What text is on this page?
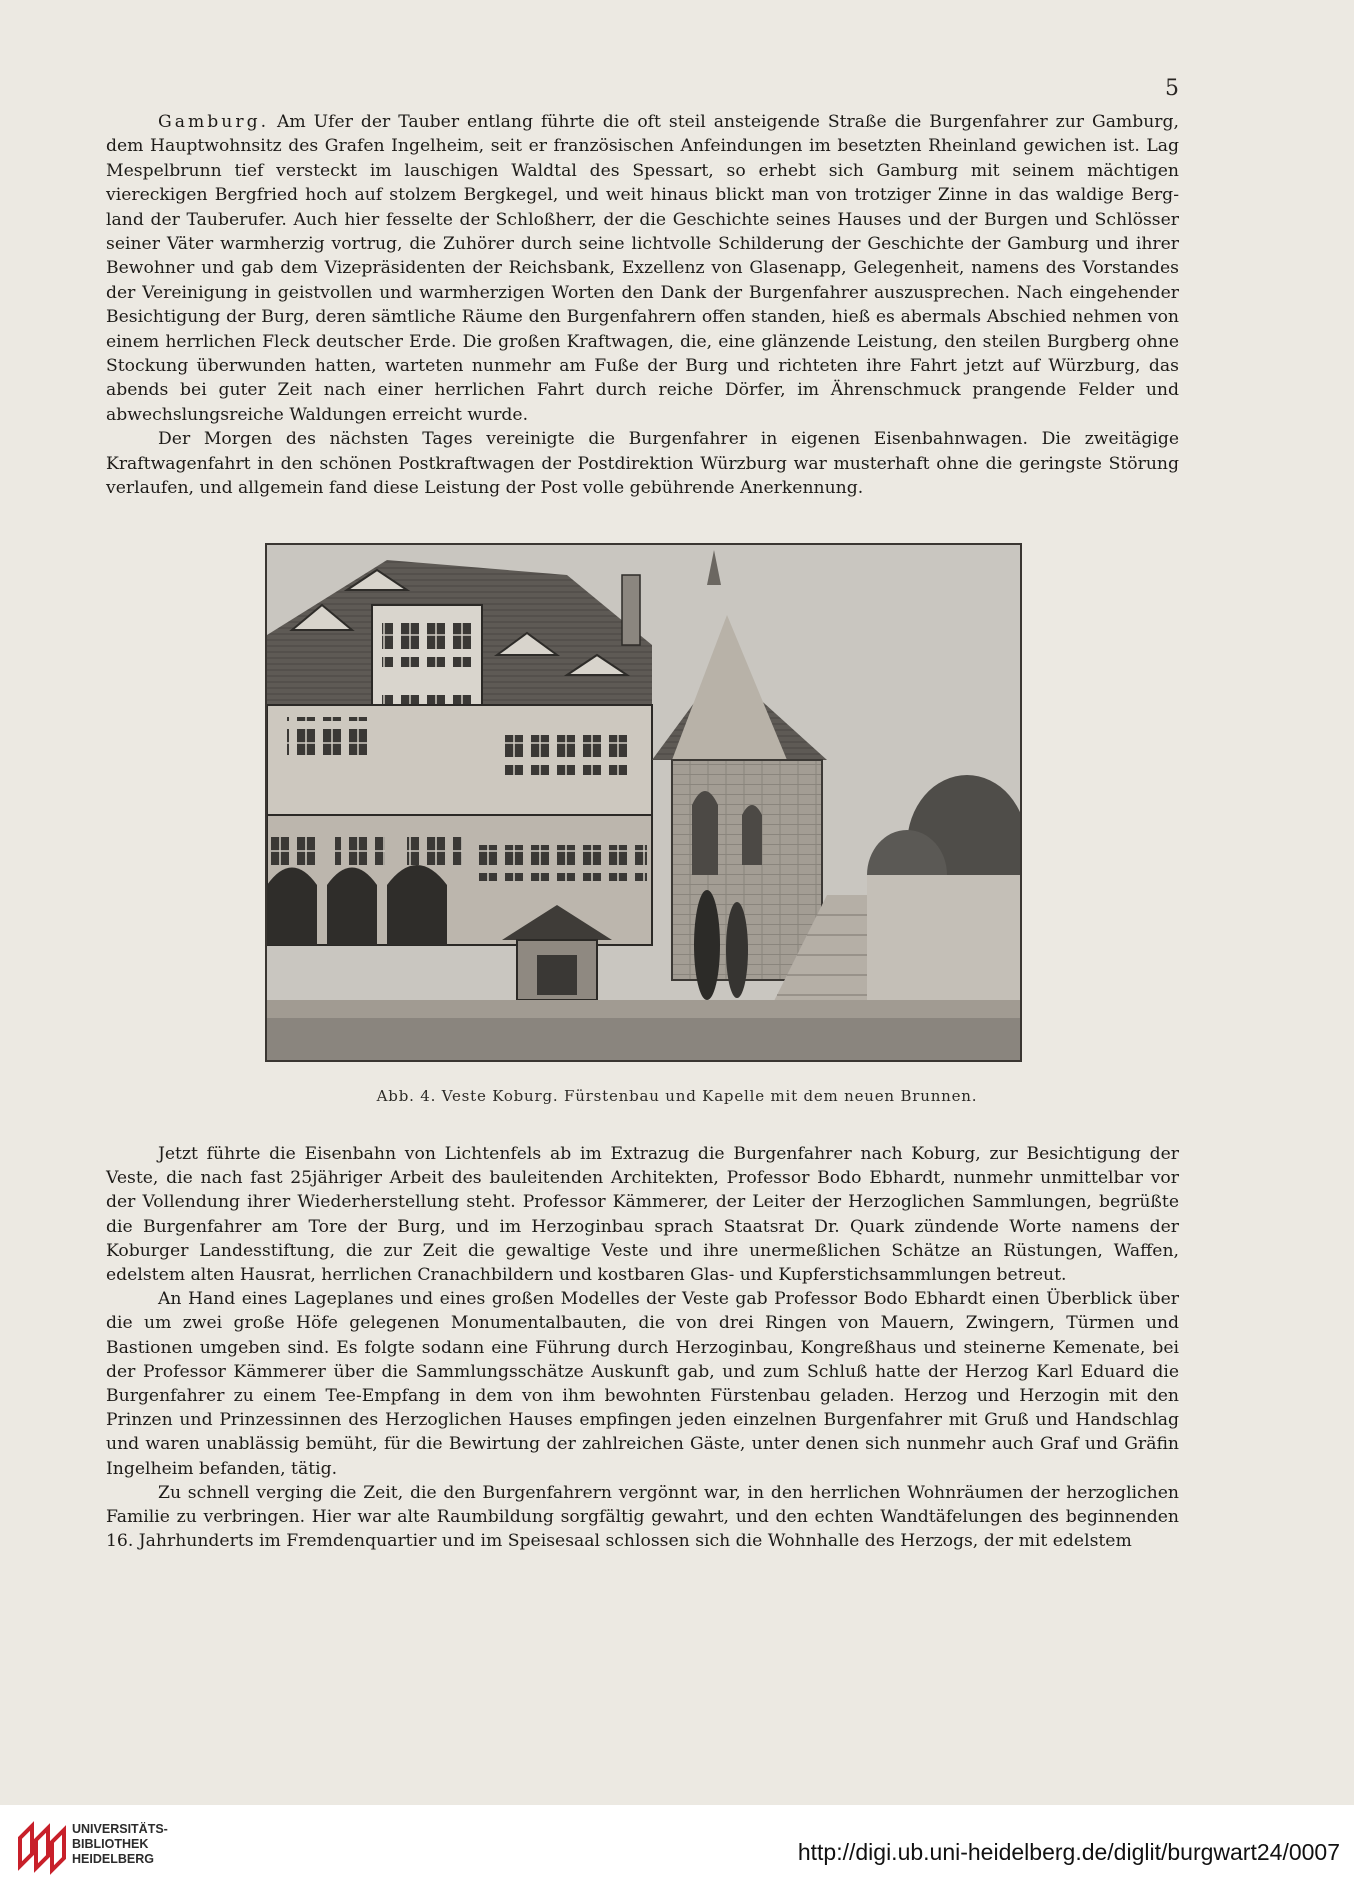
5

Gamburg. Am Ufer der Tauber entlang führte die oft steil ansteigende Straße die Burgenfahrer zur Gamburg, dem Hauptwohnsitz des Grafen Ingelheim, seit er französischen Anfeindungen im besetzten Rheinland gewichen ist. Lag Mespelbrunn tief versteckt im lauschigen Waldtal des Spessart, so erhebt sich Gamburg mit seinem mächtigen viereckigen Bergfried hoch auf stolzem Bergkegel, und weit hinaus blickt man von trotziger Zinne in das waldige Bergland der Tauberufer. Auch hier fesselte der Schloßherr, der die Geschichte seines Hauses und der Burgen und Schlösser seiner Väter warmherzig vortrug, die Zuhörer durch seine lichtvolle Schilderung der Geschichte der Gamburg und ihrer Bewohner und gab dem Vizepräsidenten der Reichsbank, Exzellenz von Glasenapp, Gelegenheit, namens des Vorstandes der Vereinigung in geistvollen und warmherzigen Worten den Dank der Burgenfahrer auszusprechen. Nach eingehender Besichtigung der Burg, deren sämtliche Räume den Burgenfahrern offen standen, hieß es abermals Abschied nehmen von einem herrlichen Fleck deutscher Erde. Die großen Kraftwagen, die, eine glänzende Leistung, den steilen Burgberg ohne Stockung überwunden hatten, warteten nunmehr am Fuße der Burg und richteten ihre Fahrt jetzt auf Würzburg, das abends bei guter Zeit nach einer herrlichen Fahrt durch reiche Dörfer, im Ährenschmuck prangende Felder und abwechslungsreiche Waldungen erreicht wurde.

Der Morgen des nächsten Tages vereinigte die Burgenfahrer in eigenen Eisenbahnwagen. Die zweitägige Kraftwagenfahrt in den schönen Postkraftwagen der Postdirektion Würzburg war musterhaft ohne die geringste Störung verlaufen, und allgemein fand diese Leistung der Post volle gebührende Anerkennung.

Abb. 4. Veste Koburg. Fürstenbau und Kapelle mit dem neuen Brunnen.

Jetzt führte die Eisenbahn von Lichtenfels ab im Extrazug die Burgenfahrer nach Koburg, zur Besichtigung der Veste, die nach fast 25jähriger Arbeit des bauleitenden Architekten, Professor Bodo Ebhardt, nunmehr unmittelbar vor der Vollendung ihrer Wiederherstellung steht. Professor Kämmerer, der Leiter der Herzoglichen Sammlungen, begrüßte die Burgenfahrer am Tore der Burg, und im Herzoginbau sprach Staatsrat Dr. Quark zündende Worte namens der Koburger Landesstiftung, die zur Zeit die gewaltige Veste und ihre unermeßlichen Schätze an Rüstungen, Waffen, edelstem alten Hausrat, herrlichen Cranachbildern und kostbaren Glas- und Kupferstichsammlungen betreut.

An Hand eines Lageplanes und eines großen Modelles der Veste gab Professor Bodo Ebhardt einen Überblick über die um zwei große Höfe gelegenen Monumentalbauten, die von drei Ringen von Mauern, Zwingern, Türmen und Bastionen umgeben sind. Es folgte sodann eine Führung durch Herzoginbau, Kongreßhaus und steinerne Kemenate, bei der Professor Kämmerer über die Sammlungsschätze Auskunft gab, und zum Schluß hatte der Herzog Karl Eduard die Burgenfahrer zu einem Tee-Empfang in dem von ihm bewohnten Fürstenbau geladen. Herzog und Herzogin mit den Prinzen und Prinzessinnen des Herzoglichen Hauses empfingen jeden einzelnen Burgenfahrer mit Gruß und Handschlag und waren unablässig bemüht, für die Bewirtung der zahlreichen Gäste, unter denen sich nunmehr auch Graf und Gräfin Ingelheim befanden, tätig.

Zu schnell verging die Zeit, die den Burgenfahrern vergönnt war, in den herrlichen Wohnräumen der herzoglichen Familie zu verbringen. Hier war alte Raumbildung sorgfältig gewahrt, und den echten Wandtäfelungen des beginnenden 16. Jahrhunderts im Fremdenquartier und im Speisesaal schlossen sich die Wohnhalle des Herzogs, der mit edelstem

UNIVERSITÄTS-
BIBLIOTHEK
HEIDELBERG	http://digi.ub.uni-heidelberg.de/diglit/burgwart24/0007
